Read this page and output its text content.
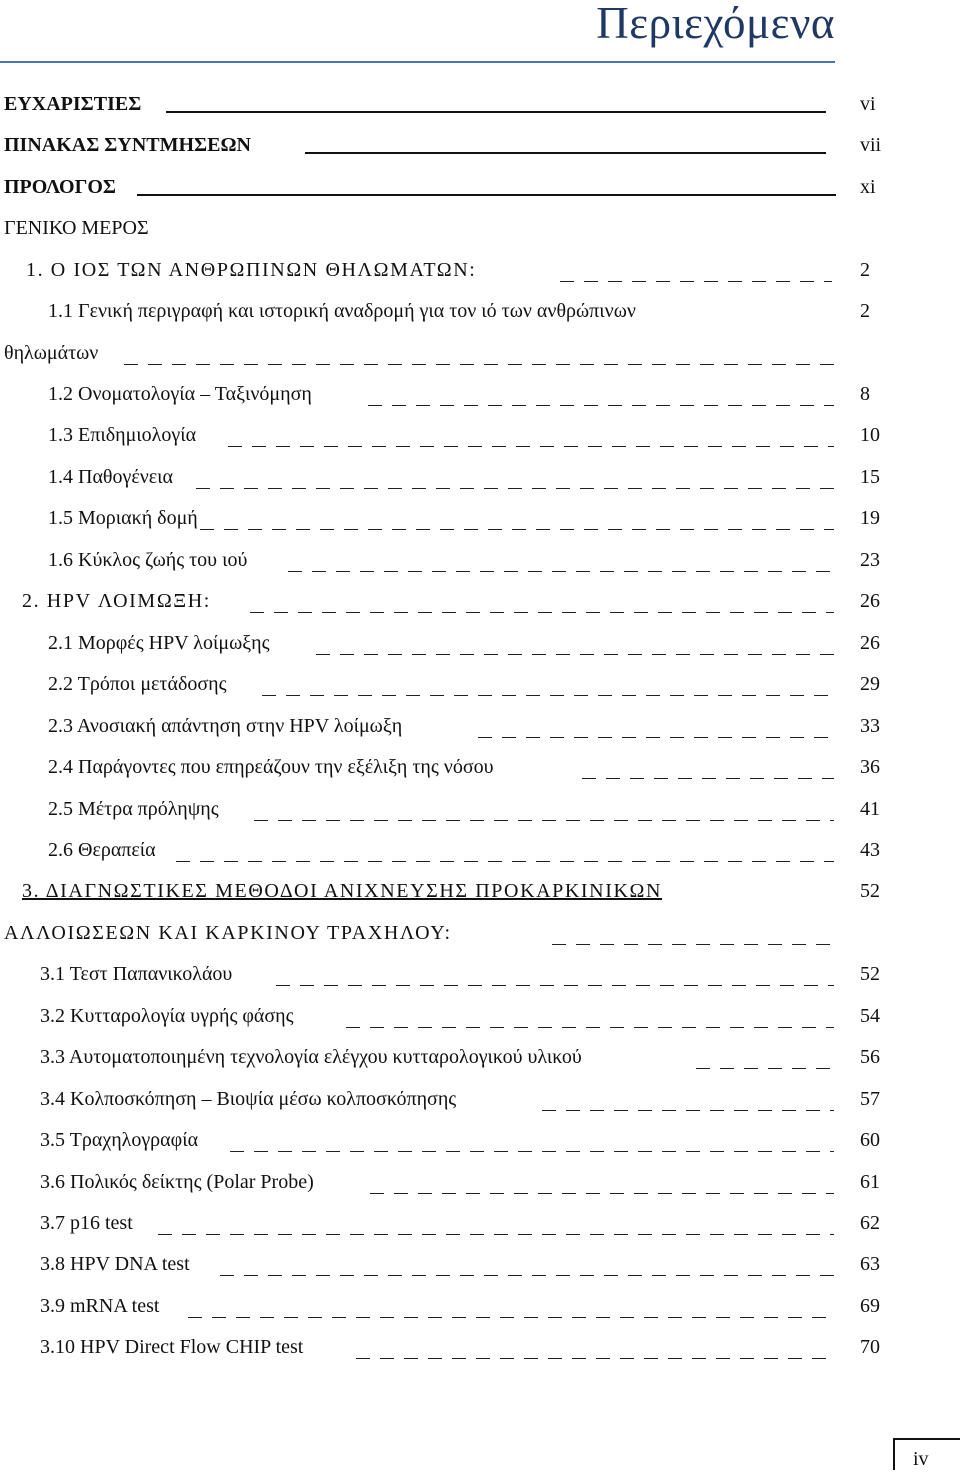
Περιεχόμενα
ΕΥΧΑΡΙΣΤΙΕΣ	vi
ΠΙΝΑΚΑΣ ΣΥΝΤΜΗΣΕΩΝ	vii
ΠΡΟΛΟΓΟΣ	xi
ΓΕΝΙΚΟ ΜΕΡΟΣ
1. Ο ΙΟΣ ΤΩΝ ΑΝΘΡΩΠΙΝΩΝ ΘΗΛΩΜΑΤΩΝ:	2
1.1 Γενική περιγραφή και ιστορική αναδρομή για τον ιό των ανθρώπινων	2
θηλωμάτων
1.2 Ονοματολογία – Ταξινόμηση	8
1.3 Επιδημιολογία	10
1.4 Παθογένεια	15
1.5 Μοριακή δομή	19
1.6 Κύκλος ζωής του ιού	23
2. HPV ΛΟΙΜΩΞΗ:	26
2.1 Μορφές HPV λοίμωξης	26
2.2 Τρόποι μετάδοσης	29
2.3 Ανοσιακή απάντηση στην HPV λοίμωξη	33
2.4 Παράγοντες που επηρεάζουν την εξέλιξη της νόσου	36
2.5 Μέτρα πρόληψης	41
2.6 Θεραπεία	43
3. ΔΙΑΓΝΩΣΤΙΚΕΣ ΜΕΘΟΔΟΙ ΑΝΙΧΝΕΥΣΗΣ ΠΡΟΚΑΡΚΙΝΙΚΩΝ	52
ΑΛΛΟΙΩΣΕΩΝ ΚΑΙ ΚΑΡΚΙΝΟΥ ΤΡΑΧΗΛΟΥ:
3.1 Τεστ Παπανικολάου	52
3.2 Κυτταρολογία υγρής φάσης	54
3.3 Αυτοματοποιημένη τεχνολογία ελέγχου κυτταρολογικού υλικού	56
3.4 Κολποσκόπηση – Βιοψία μέσω κολποσκόπησης	57
3.5 Τραχηλογραφία	60
3.6 Πολικός δείκτης (Polar Probe)	61
3.7 p16 test	62
3.8 HPV DNA test	63
3.9 mRNA test	69
3.10 HPV Direct Flow CHIP test	70
iv
